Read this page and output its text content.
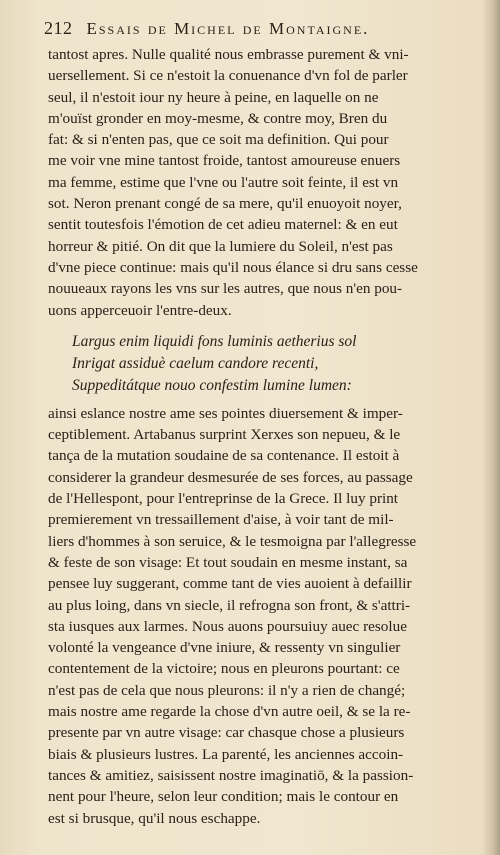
212 Essais de Michel de Montaigne.
tantost apres. Nulle qualité nous embrasse purement & vni-
uersellement. Si ce n'estoit la conuenance d'vn fol de parler
seul, il n'estoit iour ny heure à peine, en laquelle on ne
m'ouïst gronder en moy-mesme, & contre moy, Bren du
fat: & si n'enten pas, que ce soit ma definition. Qui pour
me voir vne mine tantost froide, tantost amoureuse enuers
ma femme, estime que l'vne ou l'autre soit feinte, il est vn
sot. Neron prenant congé de sa mere, qu'il enuoyoit noyer,
sentit toutesfois l'émotion de cet adieu maternel: & en eut
horreur & pitié. On dit que la lumiere du Soleil, n'est pas
d'vne piece continue: mais qu'il nous élance si dru sans cesse
nouueaux rayons les vns sur les autres, que nous n'en pou-
uons apperceuoir l'entre-deux.
Largus enim liquidi fons luminis aetherius sol
Inrigat assiduè caelum candore recenti,
Suppeditátque nouo confestim lumine lumen:
ainsi eslance nostre ame ses pointes diuersement & imper-
ceptiblement. Artabanus surprint Xerxes son nepueu, & le
tança de la mutation soudaine de sa contenance. Il estoit à
considerer la grandeur desmesurée de ses forces, au passage
de l'Hellespont, pour l'entreprinse de la Grece. Il luy print
premierement vn tressaillement d'aise, à voir tant de mil-
liers d'hommes à son seruice, & le tesmoigna par l'allegresse
& feste de son visage: Et tout soudain en mesme instant, sa
pensee luy suggerant, comme tant de vies auoient à defaillir
au plus loing, dans vn siecle, il refrogna son front, & s'attri-
sta iusques aux larmes. Nous auons poursuiuy auec resolue
volonté la vengeance d'vne iniure, & ressenty vn singulier
contentement de la victoire; nous en pleurons pourtant: ce
n'est pas de cela que nous pleurons: il n'y a rien de changé;
mais nostre ame regarde la chose d'vn autre oeil, & se la re-
presente par vn autre visage: car chasque chose a plusieurs
biais & plusieurs lustres. La parenté, les anciennes accoin-
tances & amitiez, saisissent nostre imaginatiō, & la passion-
nent pour l'heure, selon leur condition; mais le contour en
est si brusque, qu'il nous eschappe.
